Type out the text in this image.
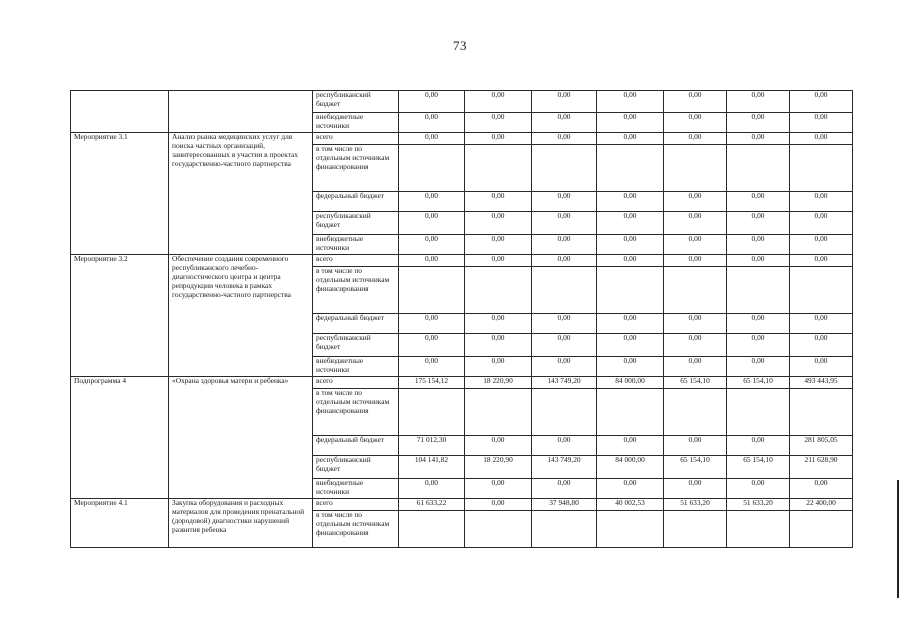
73
		республиканский бюджет	0,00	0,00	0,00	0,00	0,00	0,00	0,00
		внебюджетные источники	0,00	0,00	0,00	0,00	0,00	0,00	0,00
Мероприятие 3.1	Анализ рынка медицинских услуг для поиска частных организаций, заинтересованных в участии в проектах государственно-частного партнерства	всего	0,00	0,00	0,00	0,00	0,00	0,00	0,00
		в том числе по отдельным источникам финансирования							
		федеральный бюджет	0,00	0,00	0,00	0,00	0,00	0,00	0,00
		республиканский бюджет	0,00	0,00	0,00	0,00	0,00	0,00	0,00
		внебюджетные источники	0,00	0,00	0,00	0,00	0,00	0,00	0,00
Мероприятие 3.2	Обеспечение создания современного республиканского лечебно-диагностического центра и центра репродукции человека в рамках государственно-частного партнерства	всего	0,00	0,00	0,00	0,00	0,00	0,00	0,00
		в том числе по отдельным источникам финансирования							
		федеральный бюджет	0,00	0,00	0,00	0,00	0,00	0,00	0,00
		республиканский бюджет	0,00	0,00	0,00	0,00	0,00	0,00	0,00
		внебюджетные источники	0,00	0,00	0,00	0,00	0,00	0,00	0,00
Подпрограмма 4	«Охрана здоровья матери и ребенка»	всего	175 154,12	18 220,90	143 749,20	84 000,00	65 154,10	65 154,10	493 443,95
		в том числе по отдельным источникам финансирования							
		федеральный бюджет	71 012,30	0,00	0,00	0,00	0,00	0,00	281 805,05
		республиканский бюджет	104 141,82	18 220,90	143 749,20	84 000,00	65 154,10	65 154,10	211 628,90
		внебюджетные источники	0,00	0,00	0,00	0,00	0,00	0,00	0,00
Мероприятие 4.1	Закупка оборудования и расходных материалов для проведения пренатальной (дородовой) диагностики нарушений развития ребенка	всего	61 633,22	0,00	37 948,80	40 002,53	51 633,20	51 633,20	22 400,00
		в том числе по отдельным источникам финансирования							
